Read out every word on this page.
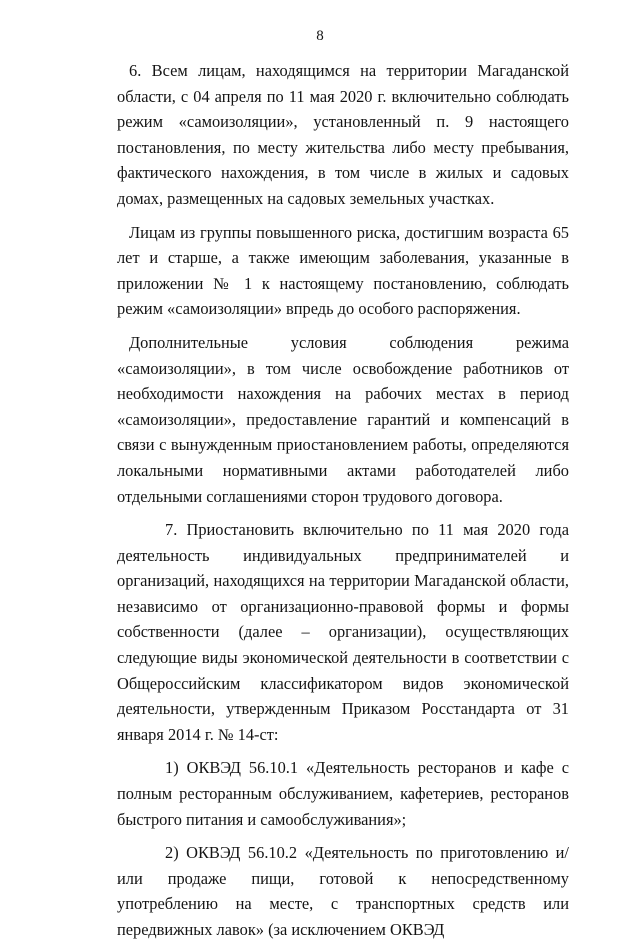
8

6. Всем лицам, находящимся на территории Магаданской области, с 04 апреля по 11 мая 2020 г. включительно соблюдать режим «самоизоляции», установленный п. 9 настоящего постановления, по месту жительства либо месту пребывания, фактического нахождения, в том числе в жилых и садовых домах, размещенных на садовых земельных участках.

Лицам из группы повышенного риска, достигшим возраста 65 лет и старше, а также имеющим заболевания, указанные в приложении № 1 к настоящему постановлению, соблюдать режим «самоизоляции» впредь до особого распоряжения.

Дополнительные условия соблюдения режима «самоизоляции», в том числе освобождение работников от необходимости нахождения на рабочих местах в период «самоизоляции», предоставление гарантий и компенсаций в связи с вынужденным приостановлением работы, определяются локальными нормативными актами работодателей либо отдельными соглашениями сторон трудового договора.

7. Приостановить включительно по 11 мая 2020 года деятельность индивидуальных предпринимателей и организаций, находящихся на территории Магаданской области, независимо от организационно-правовой формы и формы собственности (далее – организации), осуществляющих следующие виды экономической деятельности в соответствии с Общероссийским классификатором видов экономической деятельности, утвержденным Приказом Росстандарта от 31 января 2014 г. № 14-ст:

1) ОКВЭД 56.10.1 «Деятельность ресторанов и кафе с полным ресторанным обслуживанием, кафетериев, ресторанов быстрого питания и самообслуживания»;

2) ОКВЭД 56.10.2 «Деятельность по приготовлению и/или продаже пищи, готовой к непосредственному употреблению на месте, с транспортных средств или передвижных лавок» (за исключением ОКВЭД
